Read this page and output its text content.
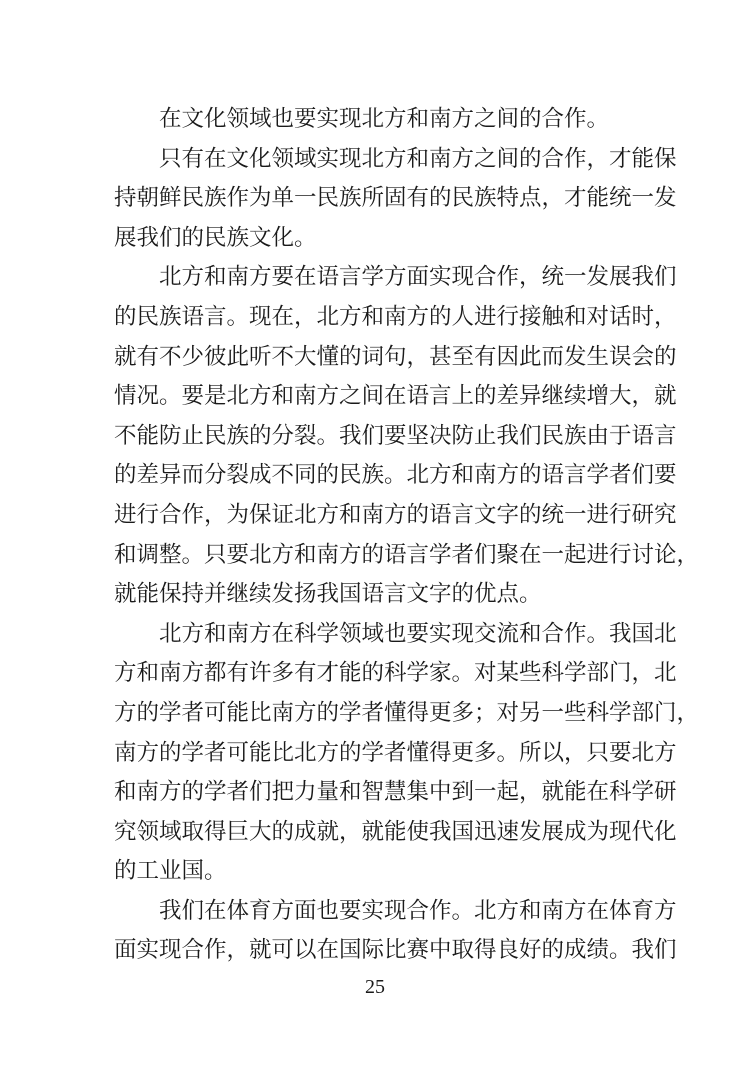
在文化领域也要实现北方和南方之间的合作。
只有在文化领域实现北方和南方之间的合作，才能保
持朝鲜民族作为单一民族所固有的民族特点，才能统一发
展我们的民族文化。
北方和南方要在语言学方面实现合作，统一发展我们
的民族语言。现在，北方和南方的人进行接触和对话时，
就有不少彼此听不大懂的词句，甚至有因此而发生误会的
情况。要是北方和南方之间在语言上的差异继续增大，就
不能防止民族的分裂。我们要坚决防止我们民族由于语言
的差异而分裂成不同的民族。北方和南方的语言学者们要
进行合作，为保证北方和南方的语言文字的统一进行研究
和调整。只要北方和南方的语言学者们聚在一起进行讨论，
就能保持并继续发扬我国语言文字的优点。
北方和南方在科学领域也要实现交流和合作。我国北
方和南方都有许多有才能的科学家。对某些科学部门，北
方的学者可能比南方的学者懂得更多；对另一些科学部门，
南方的学者可能比北方的学者懂得更多。所以，只要北方
和南方的学者们把力量和智慧集中到一起，就能在科学研
究领域取得巨大的成就，就能使我国迅速发展成为现代化
的工业国。
我们在体育方面也要实现合作。北方和南方在体育方
面实现合作，就可以在国际比赛中取得良好的成绩。我们
25
